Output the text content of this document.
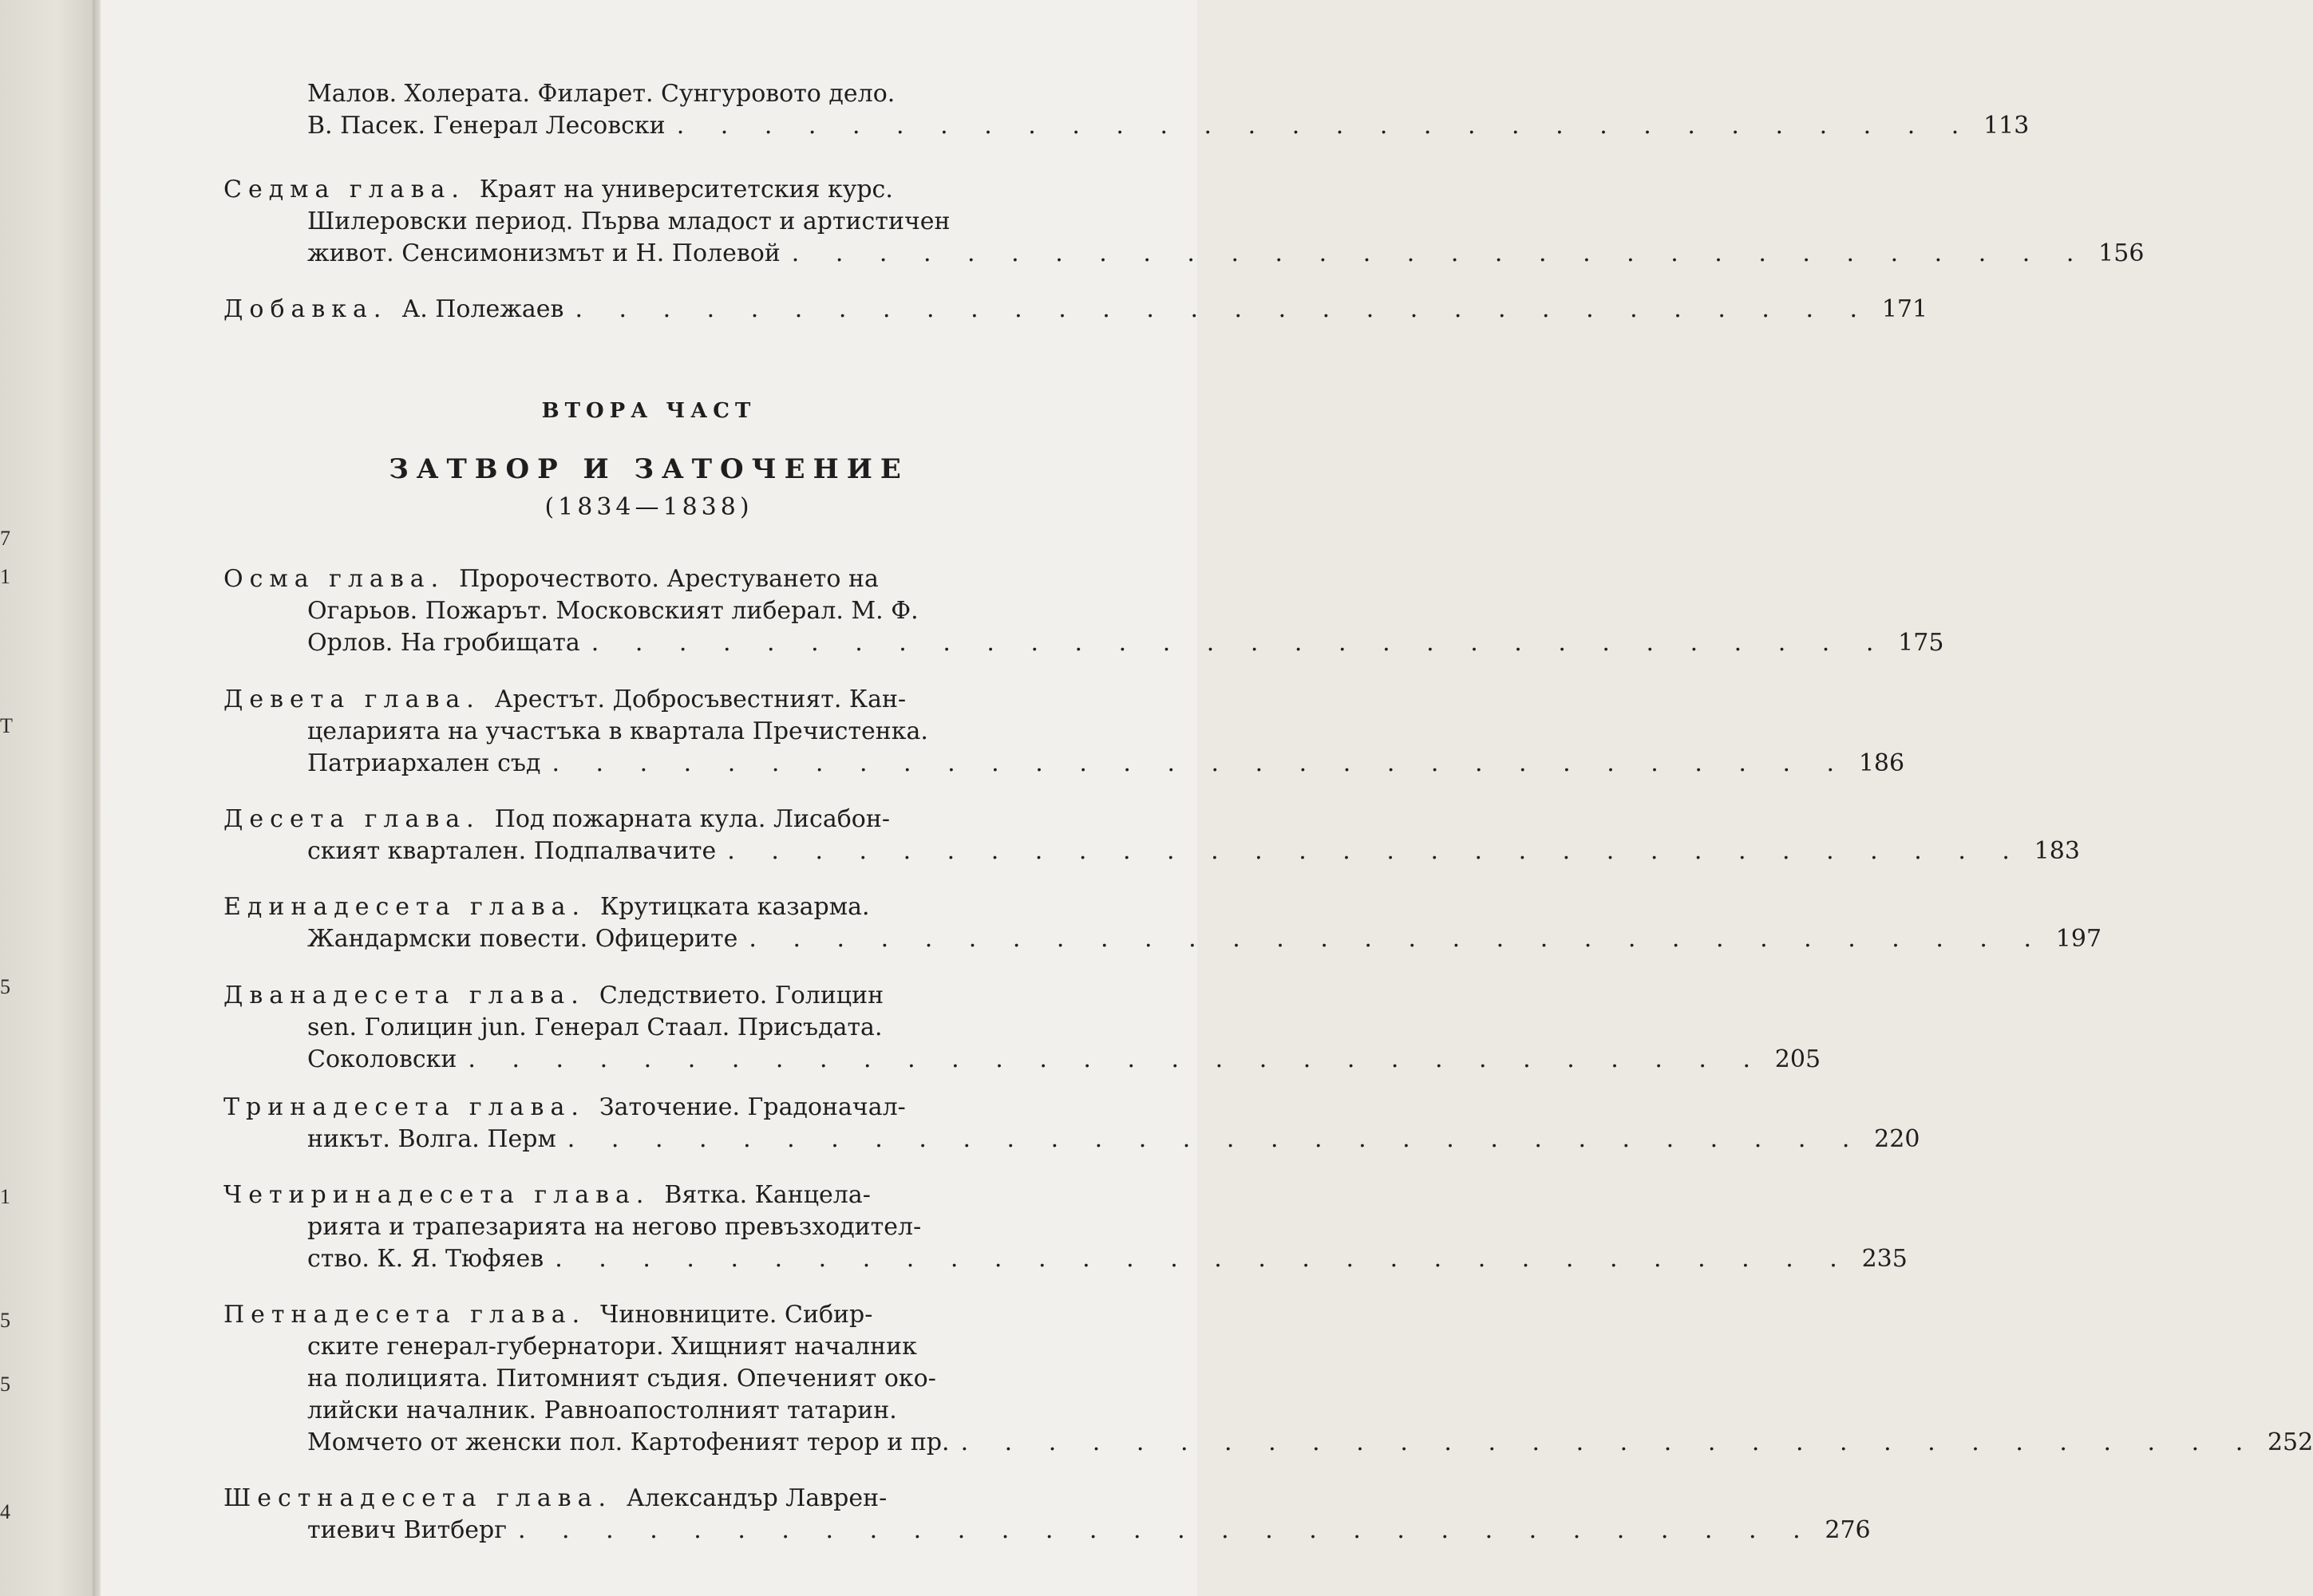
7
1
Т
5
1
5
5
4
Малов. Холерата. Филарет. Сунгуровото дело.
В. Пасек. Генерал Лесовски . . . . . . . . . . . . . . . . . . . . . . . . . . . . . . 113
Седма глава. Краят на университетския курс.
Шилеровски период. Първа младост и артистичен
живот. Сенсимонизмът и Н. Полевой . . . . . . . . . . . . . . . . . . . . . . . . . . . . . . 156
Добавка. А. Полежаев . . . . . . . . . . . . . . . . . . . . . . . . . . . . . . 171
ВТОРА ЧАСТ
ЗАТВОР И ЗАТОЧЕНИЕ
(1834—1838)
Осма глава. Пророчеството. Арестуването на
Огарьов. Пожарът. Московският либерал. М. Ф.
Орлов. На гробищата . . . . . . . . . . . . . . . . . . . . . . . . . . . . . . 175
Девета глава. Арестът. Добросъвестният. Кан-
целарията на участъка в квартала Пречистенка.
Патриархален съд . . . . . . . . . . . . . . . . . . . . . . . . . . . . . . 186
Десета глава. Под пожарната кула. Лисабон-
ският квартален. Подпалвачите . . . . . . . . . . . . . . . . . . . . . . . . . . . . . . 183
Единадесета глава. Крутицката казарма.
Жандармски повести. Офицерите . . . . . . . . . . . . . . . . . . . . . . . . . . . . . . 197
Дванадесета глава. Следствието. Голицин
sen. Голицин jun. Генерал Стаал. Присъдата.
Соколовски . . . . . . . . . . . . . . . . . . . . . . . . . . . . . . 205
Тринадесета глава. Заточение. Градоначал-
никът. Волга. Перм . . . . . . . . . . . . . . . . . . . . . . . . . . . . . . 220
Четиринадесета глава. Вятка. Канцела-
рията и трапезарията на негово превъзходител-
ство. К. Я. Тюфяев . . . . . . . . . . . . . . . . . . . . . . . . . . . . . . 235
Петнадесета глава. Чиновниците. Сибир-
ските генерал-губернатори. Хищният началник
на полицията. Питомният съдия. Опеченият око-
лийски началник. Равноапостолният татарин.
Момчето от женски пол. Картофеният терор и пр. . . . . . . . . . . . . . . . . . . . . . . . . . . . . . . 252
Шестнадесета глава. Александър Лаврен-
тиевич Витберг . . . . . . . . . . . . . . . . . . . . . . . . . . . . . . 276
